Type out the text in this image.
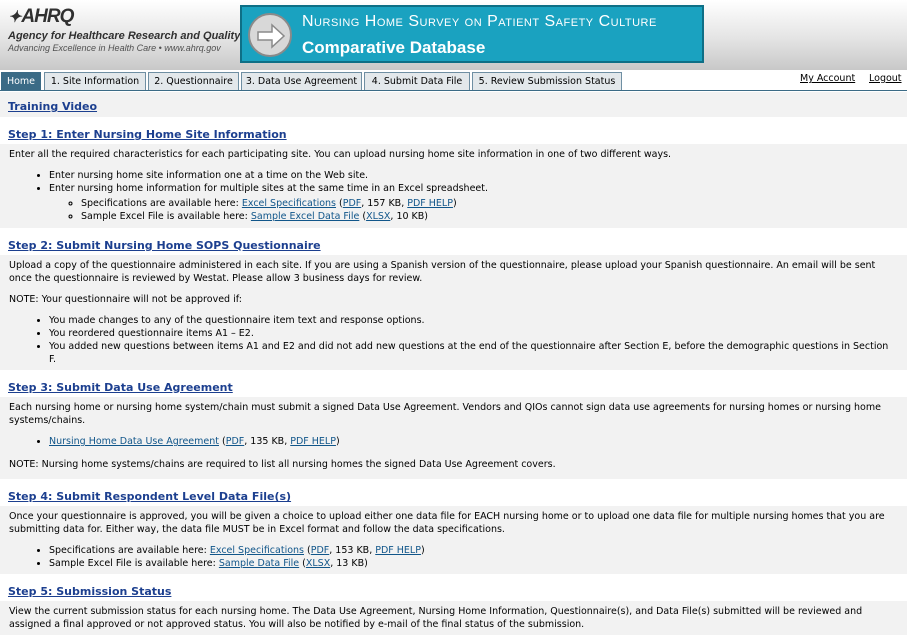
✦AHRQ
Agency for Healthcare Research and Quality
Advancing Excellence in Health Care • www.ahrq.gov
Nursing Home Survey on Patient Safety Culture
Comparative Database
Home	1. Site Information	2. Questionnaire	3. Data Use Agreement	4. Submit Data File	5. Review Submission Status	My Account Logout
Training Video
Step 1: Enter Nursing Home Site Information

Enter all the required characteristics for each participating site. You can upload nursing home site information in one of two different ways.

• Enter nursing home site information one at a time on the Web site.
• Enter nursing home information for multiple sites at the same time in an Excel spreadsheet.
◦ Specifications are available here: Excel Specifications (PDF, 157 KB, PDF HELP)
◦ Sample Excel File is available here: Sample Excel Data File (XLSX, 10 KB)
Step 2: Submit Nursing Home SOPS Questionnaire

Upload a copy of the questionnaire administered in each site. If you are using a Spanish version of the questionnaire, please upload your Spanish questionnaire. An email will be sent once the questionnaire is reviewed by Westat. Please allow 3 business days for review.

NOTE: Your questionnaire will not be approved if:

• You made changes to any of the questionnaire item text and response options.
• You reordered questionnaire items A1 – E2.
• You added new questions between items A1 and E2 and did not add new questions at the end of the questionnaire after Section E, before the demographic questions in Section F.
Step 3: Submit Data Use Agreement

Each nursing home or nursing home system/chain must submit a signed Data Use Agreement. Vendors and QIOs cannot sign data use agreements for nursing homes or nursing home systems/chains.

• Nursing Home Data Use Agreement (PDF, 135 KB, PDF HELP)

NOTE: Nursing home systems/chains are required to list all nursing homes the signed Data Use Agreement covers.

Step 4: Submit Respondent Level Data File(s)

Once your questionnaire is approved, you will be given a choice to upload either one data file for EACH nursing home or to upload one data file for multiple nursing homes that you are submitting data for. Either way, the data file MUST be in Excel format and follow the data specifications.

• Specifications are available here: Excel Specifications (PDF, 153 KB, PDF HELP)
• Sample Excel File is available here: Sample Data File (XLSX, 13 KB)
Step 5: Submission Status

View the current submission status for each nursing home. The Data Use Agreement, Nursing Home Information, Questionnaire(s), and Data File(s) submitted will be reviewed and assigned a final approved or not approved status. You will also be notified by e-mail of the final status of the submission.
